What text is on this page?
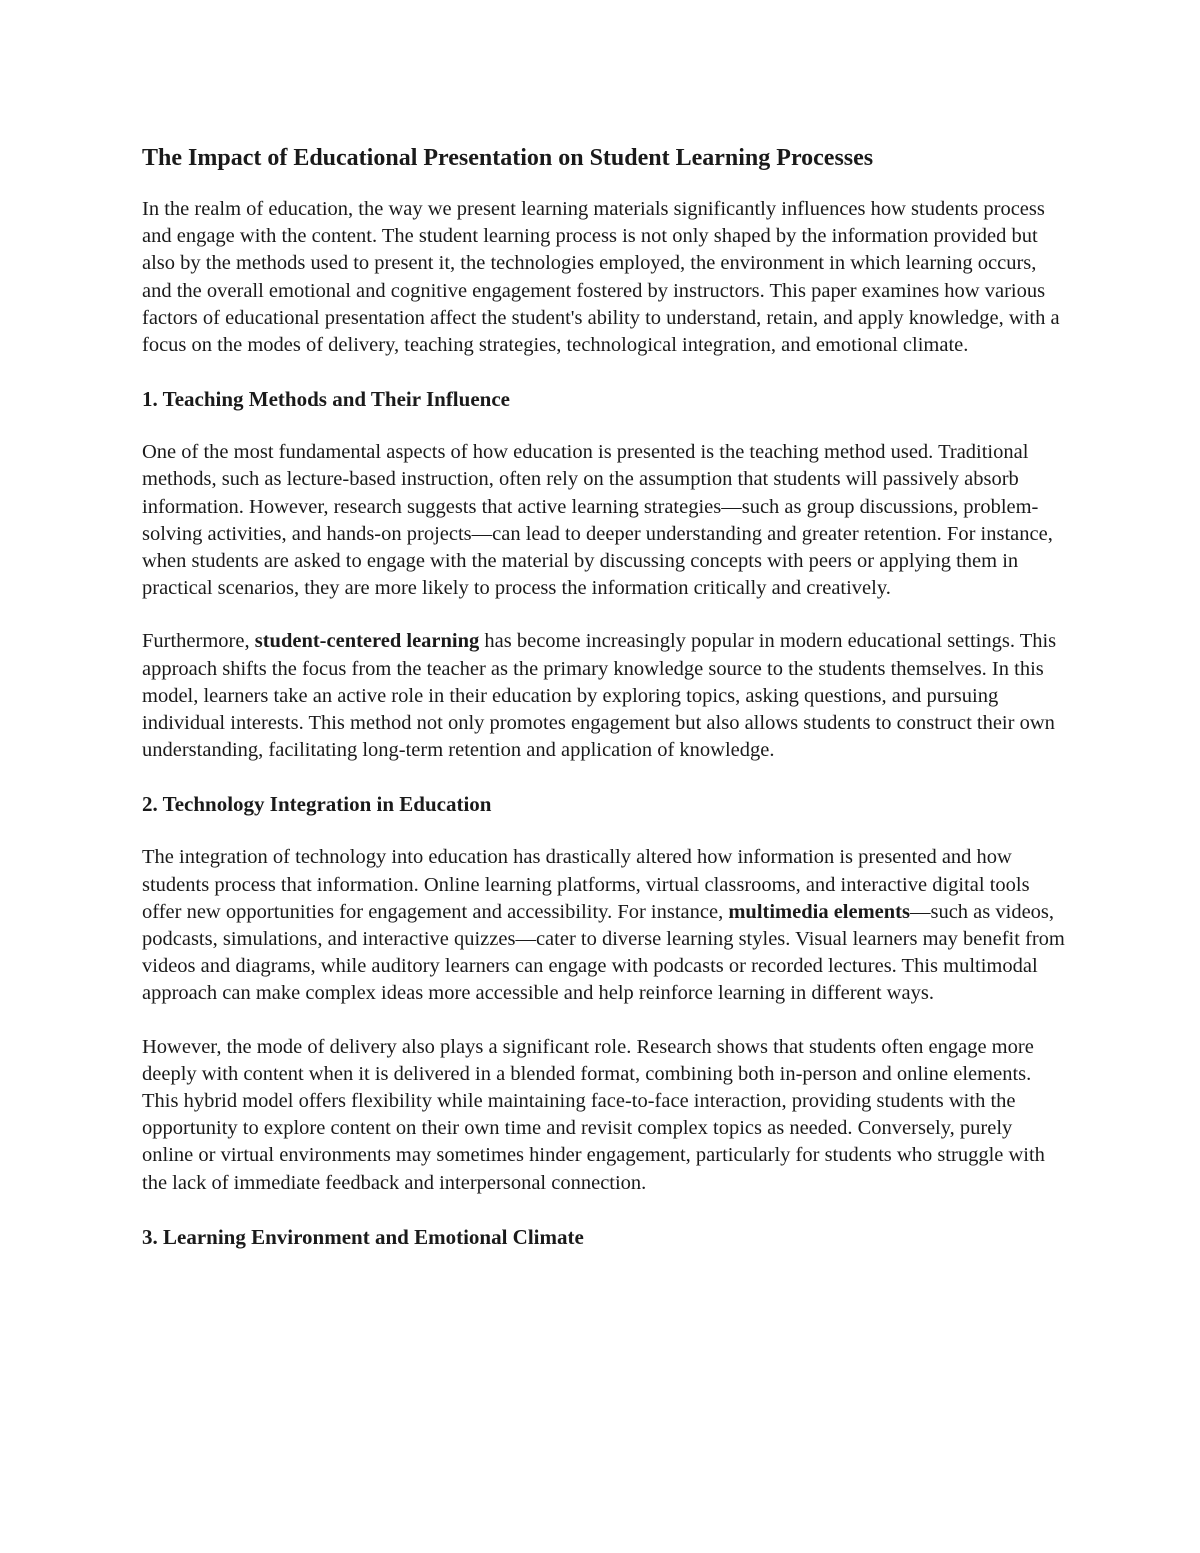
The Impact of Educational Presentation on Student Learning Processes

In the realm of education, the way we present learning materials significantly influences how students process and engage with the content. The student learning process is not only shaped by the information provided but also by the methods used to present it, the technologies employed, the environment in which learning occurs, and the overall emotional and cognitive engagement fostered by instructors. This paper examines how various factors of educational presentation affect the student's ability to understand, retain, and apply knowledge, with a focus on the modes of delivery, teaching strategies, technological integration, and emotional climate.

1. Teaching Methods and Their Influence

One of the most fundamental aspects of how education is presented is the teaching method used. Traditional methods, such as lecture-based instruction, often rely on the assumption that students will passively absorb information. However, research suggests that active learning strategies—such as group discussions, problem-solving activities, and hands-on projects—can lead to deeper understanding and greater retention. For instance, when students are asked to engage with the material by discussing concepts with peers or applying them in practical scenarios, they are more likely to process the information critically and creatively.

Furthermore, student-centered learning has become increasingly popular in modern educational settings. This approach shifts the focus from the teacher as the primary knowledge source to the students themselves. In this model, learners take an active role in their education by exploring topics, asking questions, and pursuing individual interests. This method not only promotes engagement but also allows students to construct their own understanding, facilitating long-term retention and application of knowledge.

2. Technology Integration in Education

The integration of technology into education has drastically altered how information is presented and how students process that information. Online learning platforms, virtual classrooms, and interactive digital tools offer new opportunities for engagement and accessibility. For instance, multimedia elements—such as videos, podcasts, simulations, and interactive quizzes—cater to diverse learning styles. Visual learners may benefit from videos and diagrams, while auditory learners can engage with podcasts or recorded lectures. This multimodal approach can make complex ideas more accessible and help reinforce learning in different ways.

However, the mode of delivery also plays a significant role. Research shows that students often engage more deeply with content when it is delivered in a blended format, combining both in-person and online elements. This hybrid model offers flexibility while maintaining face-to-face interaction, providing students with the opportunity to explore content on their own time and revisit complex topics as needed. Conversely, purely online or virtual environments may sometimes hinder engagement, particularly for students who struggle with the lack of immediate feedback and interpersonal connection.

3. Learning Environment and Emotional Climate
